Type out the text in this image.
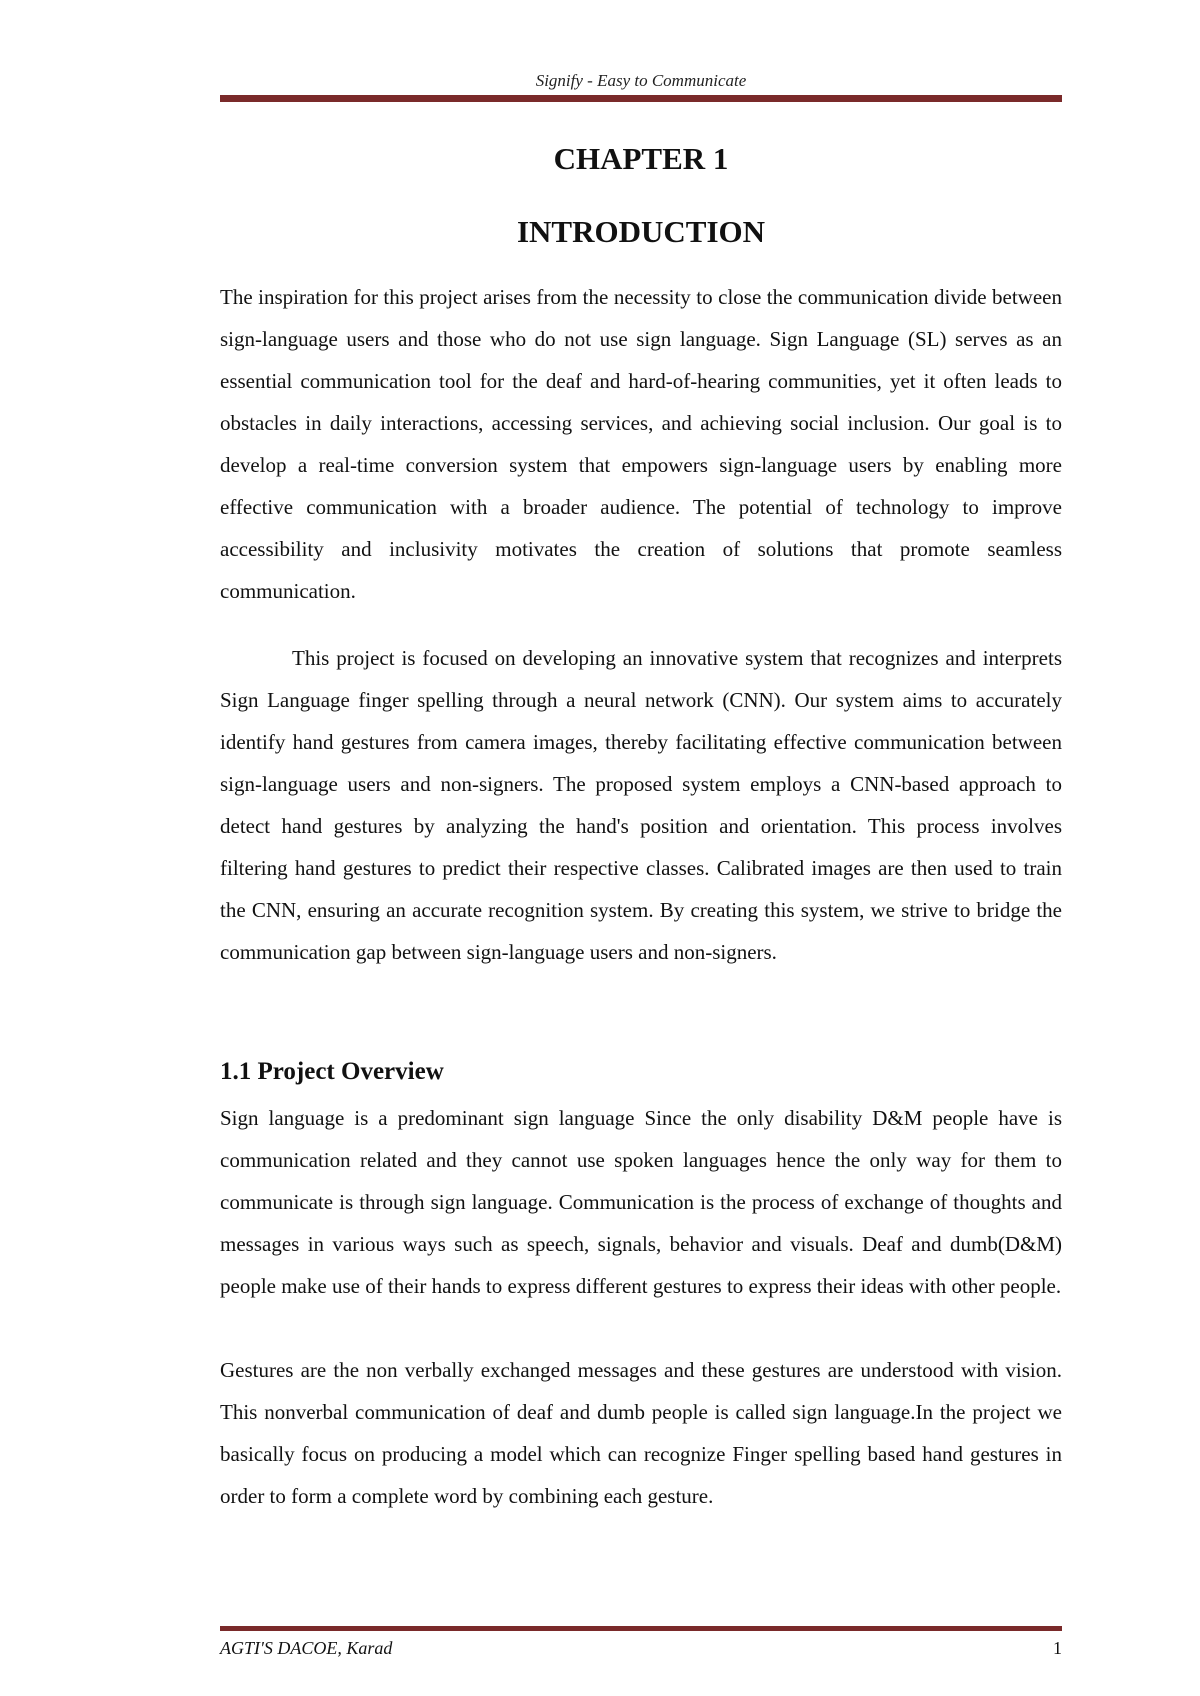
Signify - Easy to Communicate
CHAPTER 1
INTRODUCTION

The inspiration for this project arises from the necessity to close the communication divide between sign-language users and those who do not use sign language. Sign Language (SL) serves as an essential communication tool for the deaf and hard-of-hearing communities, yet it often leads to obstacles in daily interactions, accessing services, and achieving social inclusion. Our goal is to develop a real-time conversion system that empowers sign-language users by enabling more effective communication with a broader audience. The potential of technology to improve accessibility and inclusivity motivates the creation of solutions that promote seamless communication.

This project is focused on developing an innovative system that recognizes and interprets Sign Language finger spelling through a neural network (CNN). Our system aims to accurately identify hand gestures from camera images, thereby facilitating effective communication between sign-language users and non-signers. The proposed system employs a CNN-based approach to detect hand gestures by analyzing the hand's position and orientation. This process involves filtering hand gestures to predict their respective classes. Calibrated images are then used to train the CNN, ensuring an accurate recognition system. By creating this system, we strive to bridge the communication gap between sign-language users and non-signers.

1.1 Project Overview

Sign language is a predominant sign language Since the only disability D&M people have is communication related and they cannot use spoken languages hence the only way for them to communicate is through sign language. Communication is the process of exchange of thoughts and messages in various ways such as speech, signals, behavior and visuals. Deaf and dumb(D&M) people make use of their hands to express different gestures to express their ideas with other people.

Gestures are the non verbally exchanged messages and these gestures are understood with vision. This nonverbal communication of deaf and dumb people is called sign language.In the project we basically focus on producing a model which can recognize Finger spelling based hand gestures in order to form a complete word by combining each gesture.

AGTI'S DACOE, Karad	1
